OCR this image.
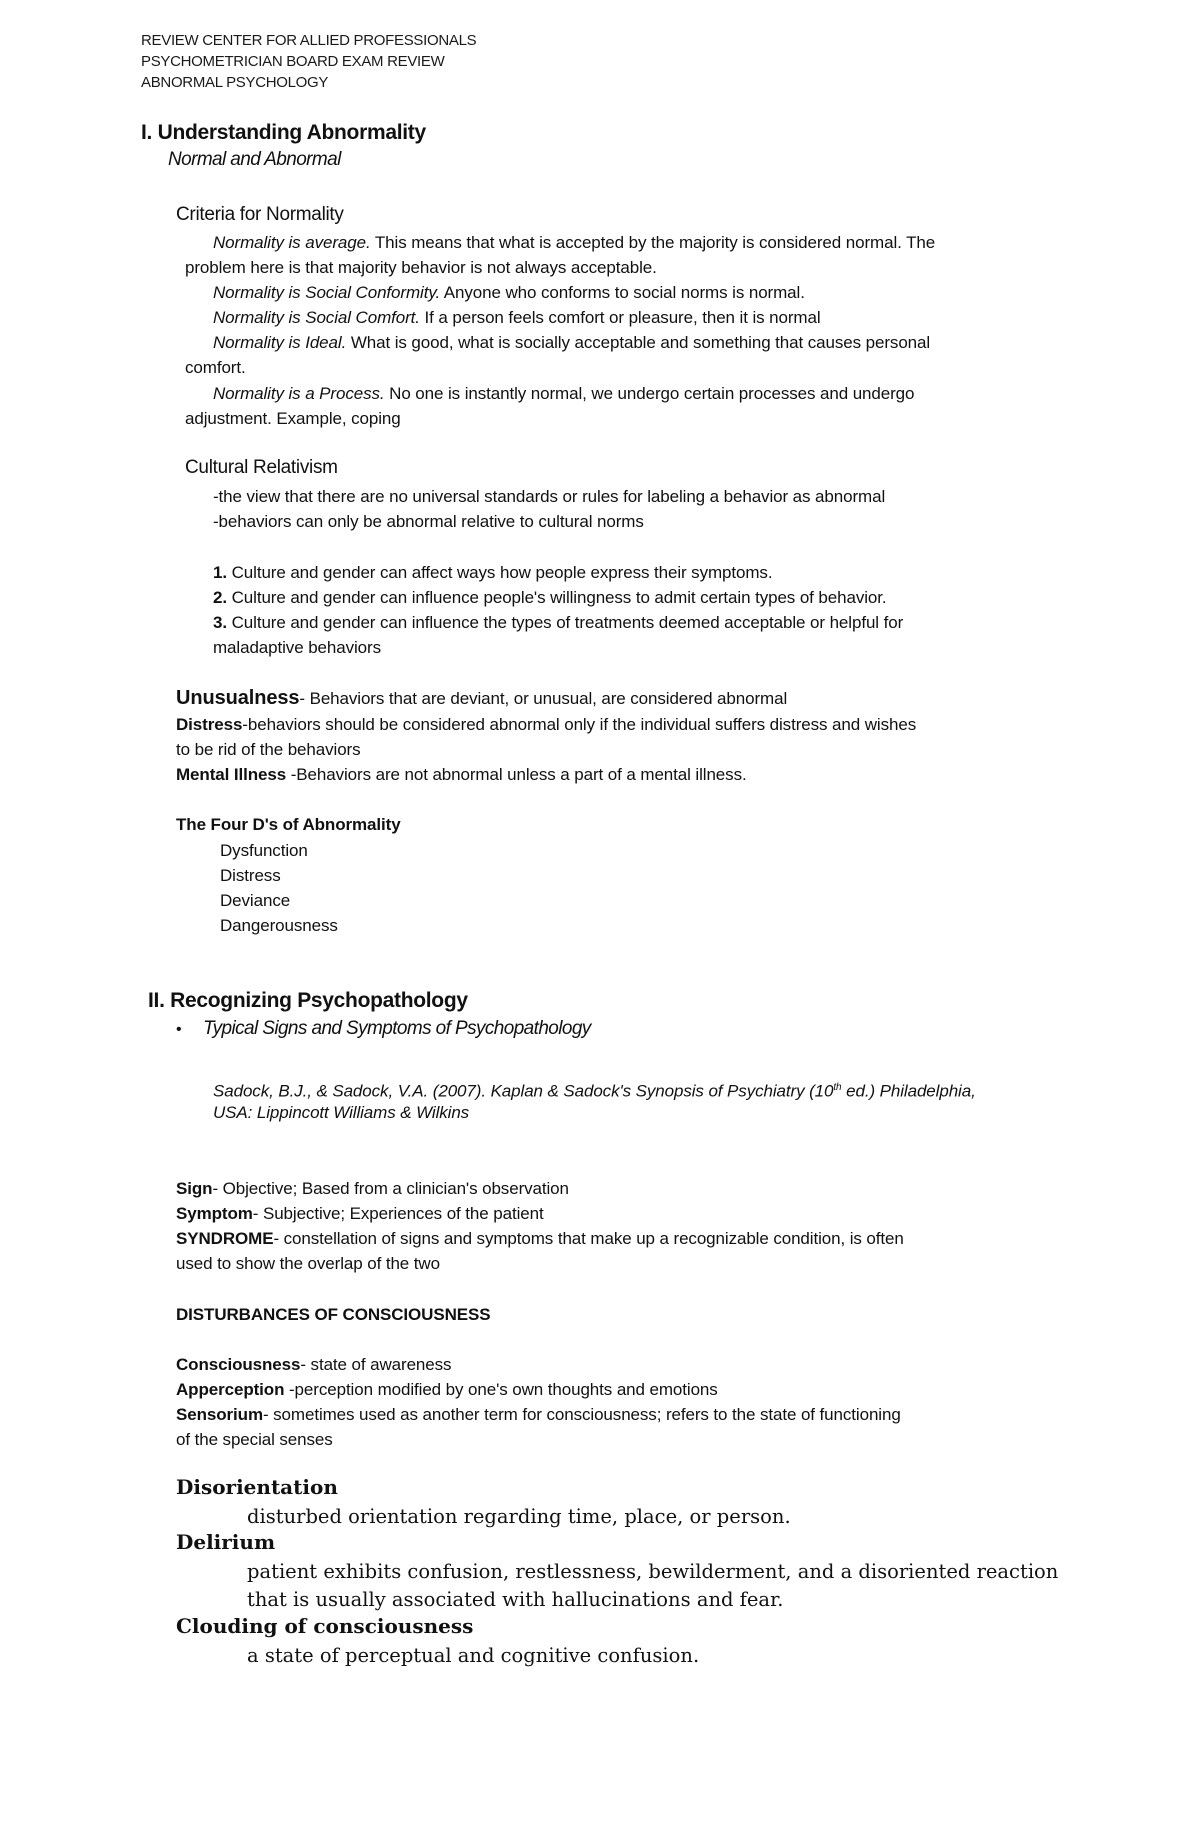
REVIEW CENTER FOR ALLIED PROFESSIONALS
PSYCHOMETRICIAN BOARD EXAM REVIEW
ABNORMAL PSYCHOLOGY
I. Understanding Abnormality
Normal and Abnormal
Criteria for Normality
Normality is average. This means that what is accepted by the majority is considered normal. The
problem here is that majority behavior is not always acceptable.
Normality is Social Conformity. Anyone who conforms to social norms is normal.
Normality is Social Comfort. If a person feels comfort or pleasure, then it is normal
Normality is Ideal. What is good, what is socially acceptable and something that causes personal
comfort.
Normality is a Process. No one is instantly normal, we undergo certain processes and undergo
adjustment. Example, coping
Cultural Relativism
-the view that there are no universal standards or rules for labeling a behavior as abnormal
-behaviors can only be abnormal relative to cultural norms
1. Culture and gender can affect ways how people express their symptoms.
2. Culture and gender can influence people's willingness to admit certain types of behavior.
3. Culture and gender can influence the types of treatments deemed acceptable or helpful for
maladaptive behaviors
Unusualness- Behaviors that are deviant, or unusual, are considered abnormal
Distress-behaviors should be considered abnormal only if the individual suffers distress and wishes
to be rid of the behaviors
Mental Illness -Behaviors are not abnormal unless a part of a mental illness.
The Four D's of Abnormality
Dysfunction
Distress
Deviance
Dangerousness
II. Recognizing Psychopathology
• Typical Signs and Symptoms of Psychopathology
Sadock, B.J., & Sadock, V.A. (2007). Kaplan & Sadock's Synopsis of Psychiatry (10th ed.) Philadelphia,
USA: Lippincott Williams & Wilkins
Sign- Objective; Based from a clinician's observation
Symptom- Subjective; Experiences of the patient
SYNDROME- constellation of signs and symptoms that make up a recognizable condition, is often
used to show the overlap of the two
DISTURBANCES OF CONSCIOUSNESS
Consciousness- state of awareness
Apperception -perception modified by one's own thoughts and emotions
Sensorium- sometimes used as another term for consciousness; refers to the state of functioning
of the special senses
Disorientation
disturbed orientation regarding time, place, or person.
Delirium
patient exhibits confusion, restlessness, bewilderment, and a disoriented reaction
that is usually associated with hallucinations and fear.
Clouding of consciousness
a state of perceptual and cognitive confusion.
